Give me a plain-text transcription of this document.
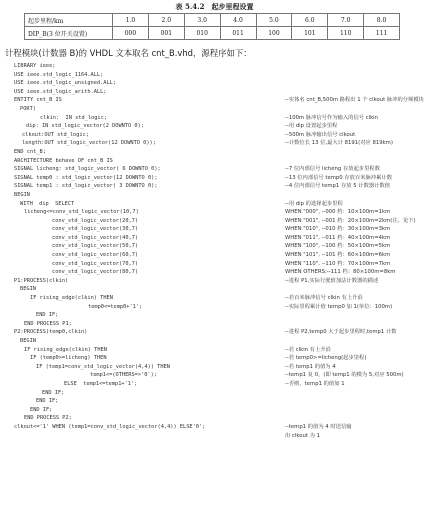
表 5.4.2　起步里程设置
起步里程/km	1.0	2.0	3.0	4.0	5.0	6.0	7.0	8.0
DIP_B(3 位开关设置)	000	001	010	011	100	101	110	111
计程模块(计数器 B)的 VHDL 文本取名 cnt_B.vhd，源程序如下：
LIBRARY ieee;
USE ieee.std_logic_1164.ALL;
USE ieee.std_logic_unsigned.ALL;
USE ieee.std_logic_arith.ALL;
ENTITY cnt_B IS	--实体名 cnt_B,500m 路程出 1 个 clkout 脉冲的分频模块
PORT(
clkin:  IN std_logic;	--100m 脉冲信号作为输入的信号 clkin
dip: IN std_logic_vector(2 DOWNTO 0);	--用 dip 设置起步里程
clkout:OUT std_logic;	--500m 脉冲输出信号 clkout
length:OUT std_logic_vector(12 DOWNTO 0));	--计数位长 13 位,最大计 8191(对应 819km)
END cnt_B;
ARCHITECTURE behave OF cnt_B IS
SIGNAL licheng: std_logic_vector( 6 DOWNTO 0);	--7 位内部信号 licheng 存放起步里程数
SIGNAL temp0 : std_logic_vector(12 DOWNTO 0);	--13 位内部信号 temp0 存放百米脉冲累计数
SIGNAL temp1 : std_logic_vector( 3 DOWNTO 0);	--4 位内部信号 temp1 存放 5 计数器计数值
BEGIN
WITH  dip  SELECT	--用 dip 的选择起步里程
licheng<=conv_std_logic_vector(10,7)	WHEN "000", --000 档：10×100m=1km
conv_std_logic_vector(20,7)	WHEN "001", --001 档：20×100m=2km(注，见下)
conv_std_logic_vector(30,7)	WHEN "010", --010 档：30×100m=3km
conv_std_logic_vector(40,7)	WHEN "011", --011 档：40×100m=4km
conv_std_logic_vector(50,7)	WHEN "100", --100 档：50×100m=5km
conv_std_logic_vector(60,7)	WHEN "101", --101 档：60×100m=6km
conv_std_logic_vector(70,7)	WHEN "110", --110 档：70×100m=7km
conv_std_logic_vector(80,7)	WHEN OTHERS;--111 档：80×100m=8km
P1:PROCESS(clkin)	--进程 P1,实际行驶值加法计数器的描述
BEGIN
IF rising_edge(clkin) THEN	--若百米脉冲信号 clkin 有上升沿
temp0<=temp0+'1';	--实际里程累计值 temp0 加 1(单位：100m)
END IF;
END PROCESS P1;
P2:PROCESS(temp0,clkin)	--进程 P2,temp0 大于起步里程时,temp1 计数
BEGIN
IF rising_edge(clkin) THEN	--若 clkin 有上升沿
IF (temp0>=licheng) THEN	--若 temp0>=licheng(起步里程)
IF (temp1=conv_std_logic_vector(4,4)) THEN	--若 temp1 的值为 4
temp1<=(OTHERS=>'0');	--temp1 复 0，(即 temp1 的模为 5,对应 500m)
ELSE  temp1<=temp1+'1';	--否则，temp1 的值加 1
END IF;
END IF;
END IF;
END PROCESS P2;
clkout<='1' WHEN (temp1=conv_std_logic_vector(4,4)) ELSE'0';	--temp1 的值为 4 时送信输
出 clkout 为 1
